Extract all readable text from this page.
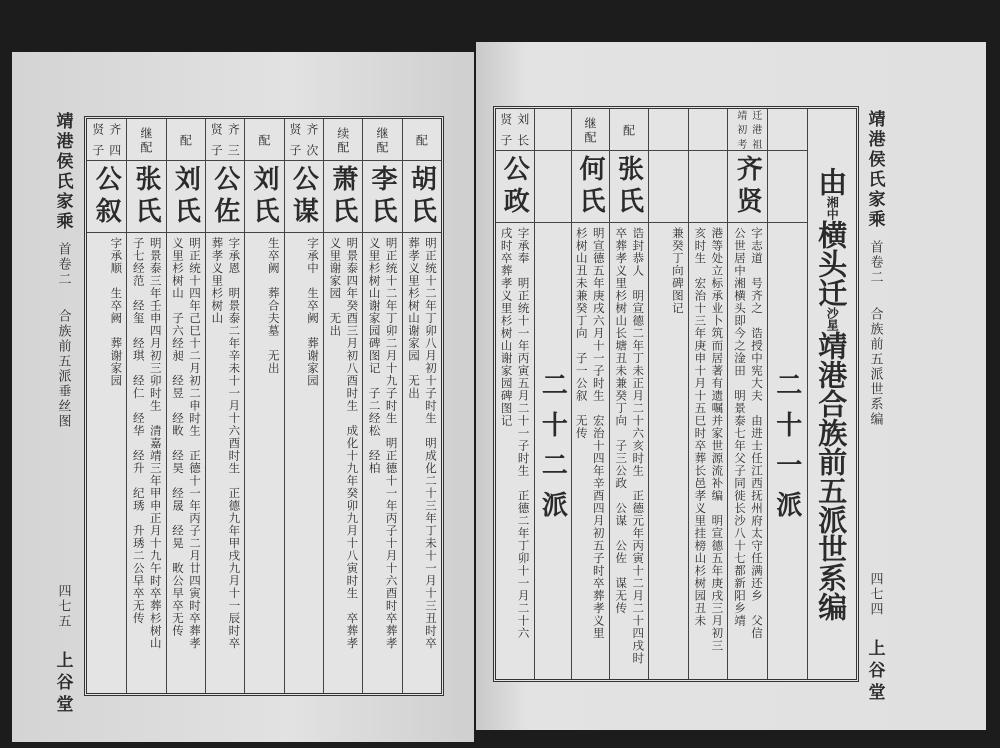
靖港侯氏家乘
首卷二
合族前五派垂丝图
四七五
上谷堂
配
胡氏

明正统十二年丁卯八月初十子时生　明成化二十三年丁未十一月十三丑时卒

葬孝义里杉树山谢家园　无出

继
配
李氏

明正统十二年丁卯二月十九子时生　明正德十一年丙子十月十六酉时卒葬孝

义里杉树山谢家园碑图记　子二经松　经柏

续
配
萧氏

明景泰四年癸酉三月初八酉时生　成化十九年癸卯九月十八寅时生　卒葬孝

义里谢家园　无出

齐贤
次子
公谋

字承中　生卒阙　葬谢家园

配
刘氏

生卒阙　葬合夫墓　无出

齐贤
三子
公佐

字承恩　明景泰二年辛未十一月十六酉时生　正德九年甲戌九月十一辰时卒

葬孝义里杉树山

配
刘氏

明正统十四年己巳十二月初二申时生　正德十一年丙子二月廿四寅时卒葬孝

义里杉树山　子六经昶　经昱　经畋　经昊　经晟　经晃　畋公早卒无传

继
配
张氏

明景泰三年壬申四月初三卯时生　清嘉靖三年甲申正月十九午时卒葬杉树山

子七经范　经玺　经琪　经仁　经华　经升　纪琇　升琇二公早卒无传

齐贤
四子
公叙

字承顺　生卒阙　葬谢家园

由
湘中
横头迁
沙星
靖港合族前五派世系编
二十一派
迁靖
港初
祖考
齐贤

字志道　号齐之　诰授中宪大夫　由进士任江西抚州府太守任满还乡　父信

公世居中湘横头即今之淦田　明景泰七年父子同徙长沙八十七都新阳乡靖

港等处立标承业卜筑而居著有遗嘱并家世源流补编　明宣德五年庚戌三月初三

亥时生　宏治十三年庚申十月十五巳时卒葬长邑孝义里挂榜山杉树园丑未

兼癸丁向碑图记

配
张氏

诰封恭人　明宣德二年丁未正月二十六亥时生　正德元年丙寅十二月二十四戌时

卒葬孝义里杉树山长塘丑未兼癸丁向　子三公政　公谋　公佐　谋无传

继
配
何氏

明宣德五年庚戌六月十一子时生　宏治十四年辛酉四月初五子时卒葬孝义里

杉树山丑未兼癸丁向　子一公叙　无传

二十二派
刘贤
长子
公政

字承奉　明正统十一年丙寅五月二十一子时生　正德二年丁卯十一月二十六

戌时卒葬孝义里杉树山谢家园碑图记

靖港侯氏家乘
首卷二
合族前五派世系编
四七四
上谷堂
